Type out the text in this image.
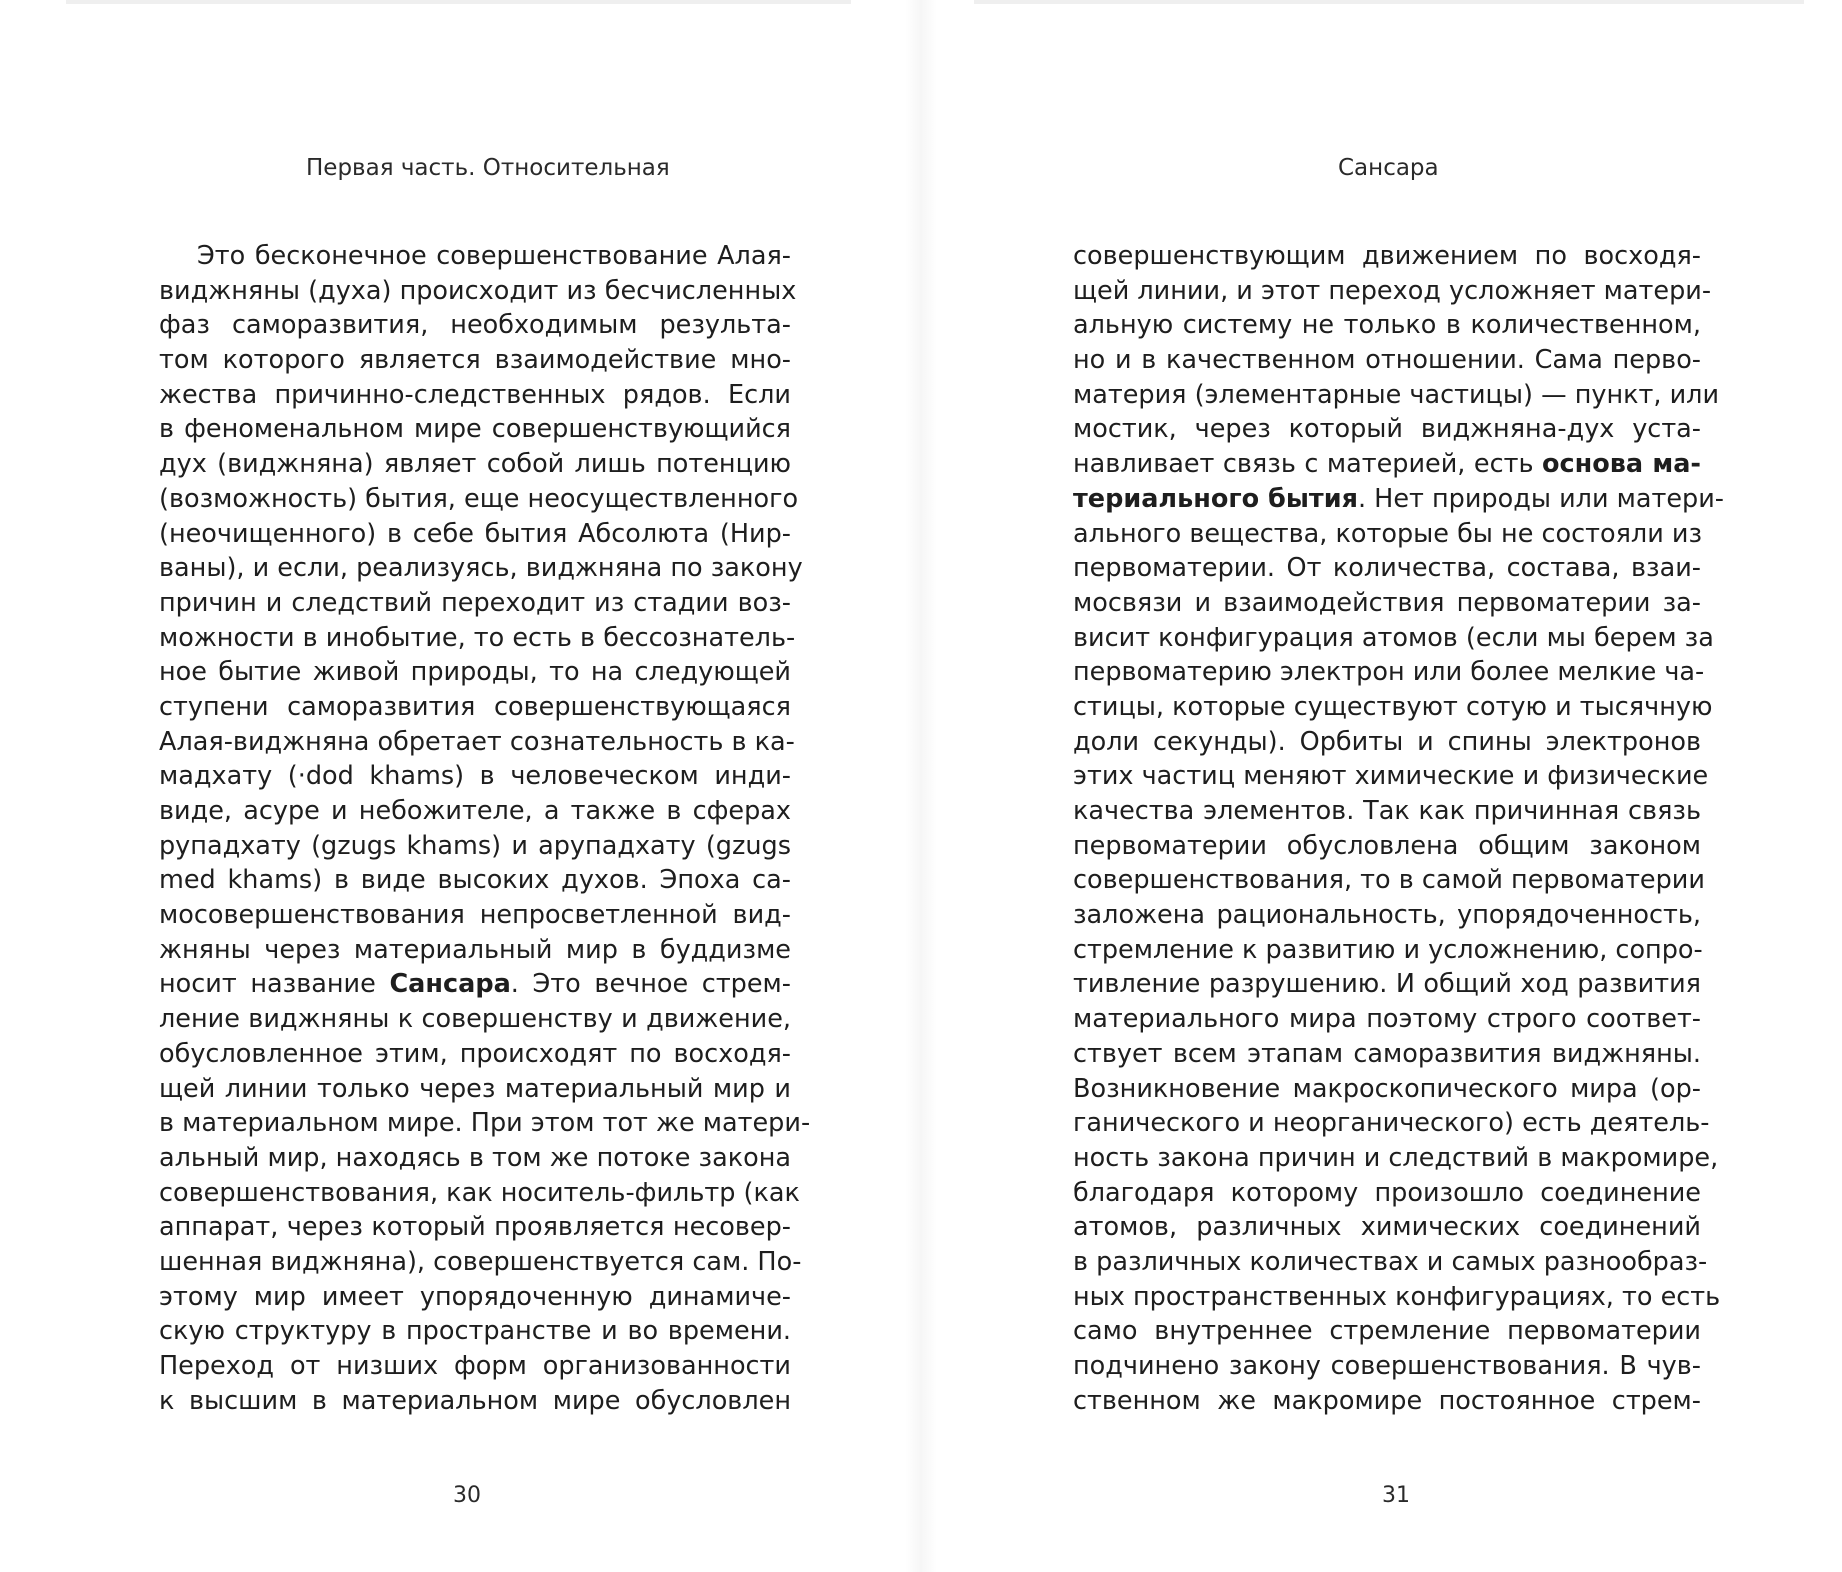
Первая часть. Относительная
Это бесконечное совершенствование Алая-
виджняны (духа) происходит из бесчисленных
фаз саморазвития, необходимым результа-
том которого является взаимодействие мно-
жества причинно-следственных рядов. Если
в феноменальном мире совершенствующийся
дух (виджняна) являет собой лишь потенцию
(возможность) бытия, еще неосуществленного
(неочищенного) в себе бытия Абсолюта (Нир-
ваны), и если, реализуясь, виджняна по закону
причин и следствий переходит из стадии воз-
можности в инобытие, то есть в бессознатель-
ное бытие живой природы, то на следующей
ступени саморазвития совершенствующаяся
Алая-виджняна обретает сознательность в ка-
мадхату (·dod khams) в человеческом инди-
виде, асуре и небожителе, а также в сферах
рупадхату (gzugs khams) и арупадхату (gzugs
med khams) в виде высоких духов. Эпоха са-
мосовершенствования непросветленной вид-
жняны через материальный мир в буддизме
носит название Сансара. Это вечное стрем-
ление виджняны к совершенству и движение,
обусловленное этим, происходят по восходя-
щей линии только через материальный мир и
в материальном мире. При этом тот же матери-
альный мир, находясь в том же потоке закона
совершенствования, как носитель-фильтр (как
аппарат, через который проявляется несовер-
шенная виджняна), совершенствуется сам. По-
этому мир имеет упорядоченную динамиче-
скую структуру в пространстве и во времени.
Переход от низших форм организованности
к высшим в материальном мире обусловлен
30
Сансара
совершенствующим движением по восходя-
щей линии, и этот переход усложняет матери-
альную систему не только в количественном,
но и в качественном отношении. Сама перво-
материя (элементарные частицы) — пункт, или
мостик, через который виджняна-дух уста-
навливает связь с материей, есть основа ма-
териального бытия. Нет природы или матери-
ального вещества, которые бы не состояли из
первоматерии. От количества, состава, взаи-
мосвязи и взаимодействия первоматерии за-
висит конфигурация атомов (если мы берем за
первоматерию электрон или более мелкие ча-
стицы, которые существуют сотую и тысячную
доли секунды). Орбиты и спины электронов
этих частиц меняют химические и физические
качества элементов. Так как причинная связь
первоматерии обусловлена общим законом
совершенствования, то в самой первоматерии
заложена рациональность, упорядоченность,
стремление к развитию и усложнению, сопро-
тивление разрушению. И общий ход развития
материального мира поэтому строго соответ-
ствует всем этапам саморазвития виджняны.
Возникновение макроскопического мира (ор-
ганического и неорганического) есть деятель-
ность закона причин и следствий в макромире,
благодаря которому произошло соединение
атомов, различных химических соединений
в различных количествах и самых разнообраз-
ных пространственных конфигурациях, то есть
само внутреннее стремление первоматерии
подчинено закону совершенствования. В чув-
ственном же макромире постоянное стрем-
31
